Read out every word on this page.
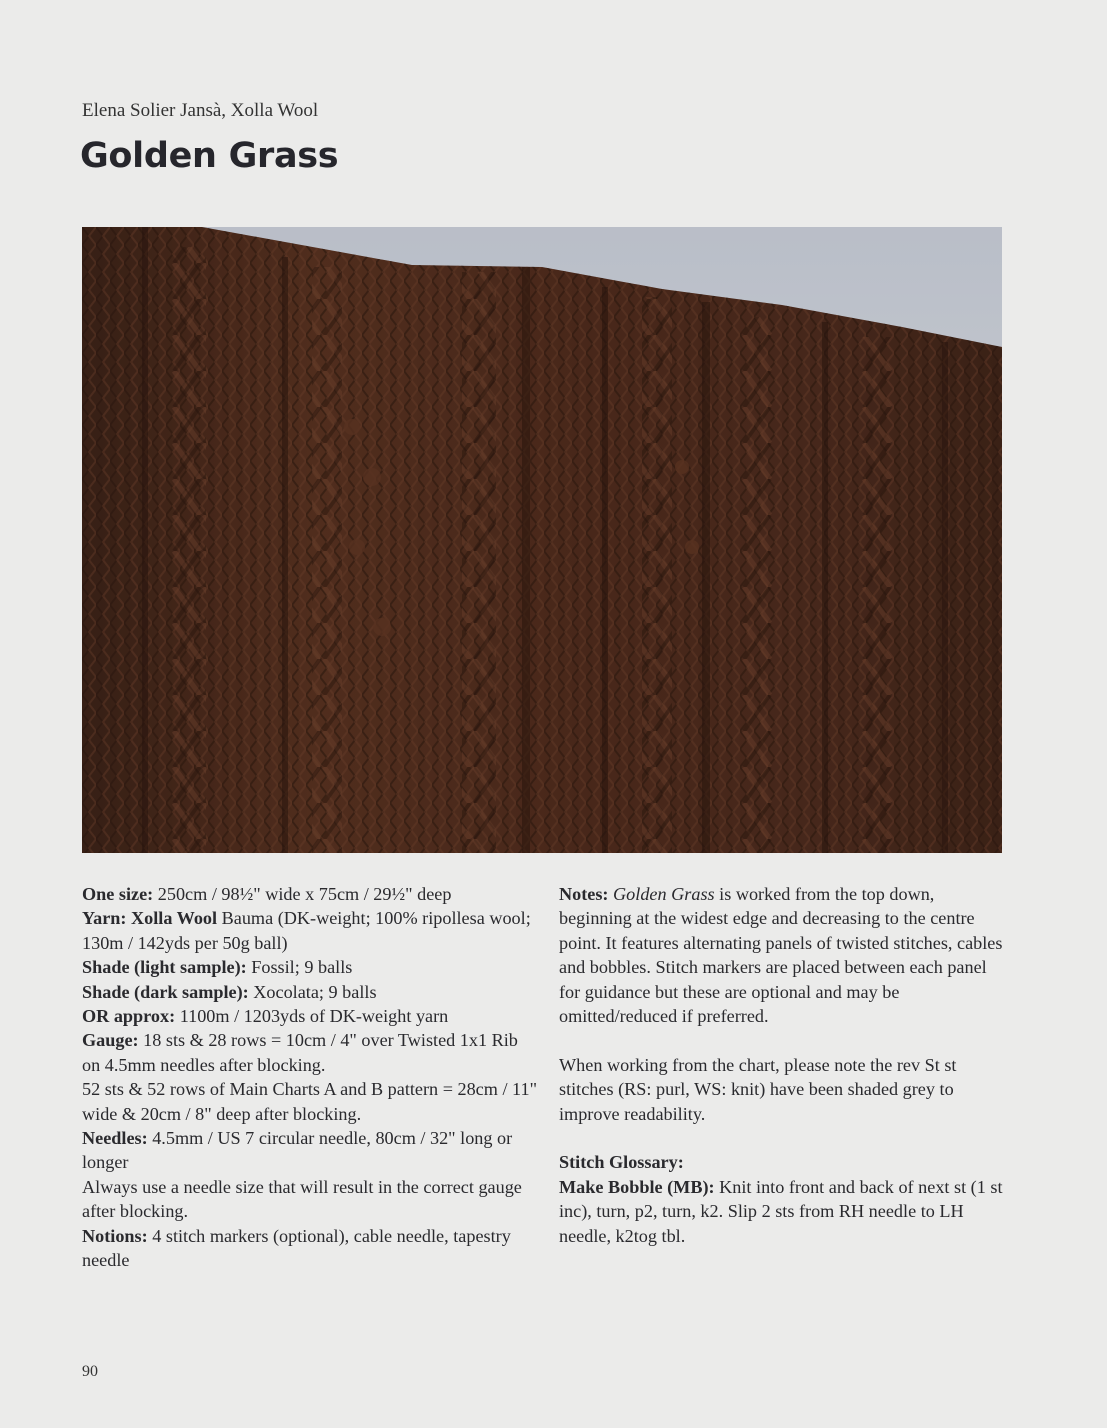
Elena Solier Jansà, Xolla Wool
Golden Grass

One size: 250cm / 98½" wide x 75cm / 29½" deep

Yarn: Xolla Wool Bauma (DK-weight; 100% ripollesa wool; 130m / 142yds per 50g ball)

Shade (light sample): Fossil; 9 balls

Shade (dark sample): Xocolata; 9 balls

OR approx: 1100m / 1203yds of DK-weight yarn

Gauge: 18 sts & 28 rows = 10cm / 4" over Twisted 1x1 Rib on 4.5mm needles after blocking.

52 sts & 52 rows of Main Charts A and B pattern = 28cm / 11" wide & 20cm / 8" deep after blocking.

Needles: 4.5mm / US 7 circular needle, 80cm / 32" long or longer

Always use a needle size that will result in the correct gauge after blocking.

Notions: 4 stitch markers (optional), cable needle, tapestry needle

Notes: Golden Grass is worked from the top down, beginning at the widest edge and decreasing to the centre point. It features alternating panels of twisted stitches, cables and bobbles. Stitch markers are placed between each panel for guidance but these are optional and may be omitted/reduced if preferred.

When working from the chart, please note the rev St st stitches (RS: purl, WS: knit) have been shaded grey to improve readability.

Stitch Glossary:

Make Bobble (MB): Knit into front and back of next st (1 st inc), turn, p2, turn, k2. Slip 2 sts from RH needle to LH needle, k2tog tbl.

90
